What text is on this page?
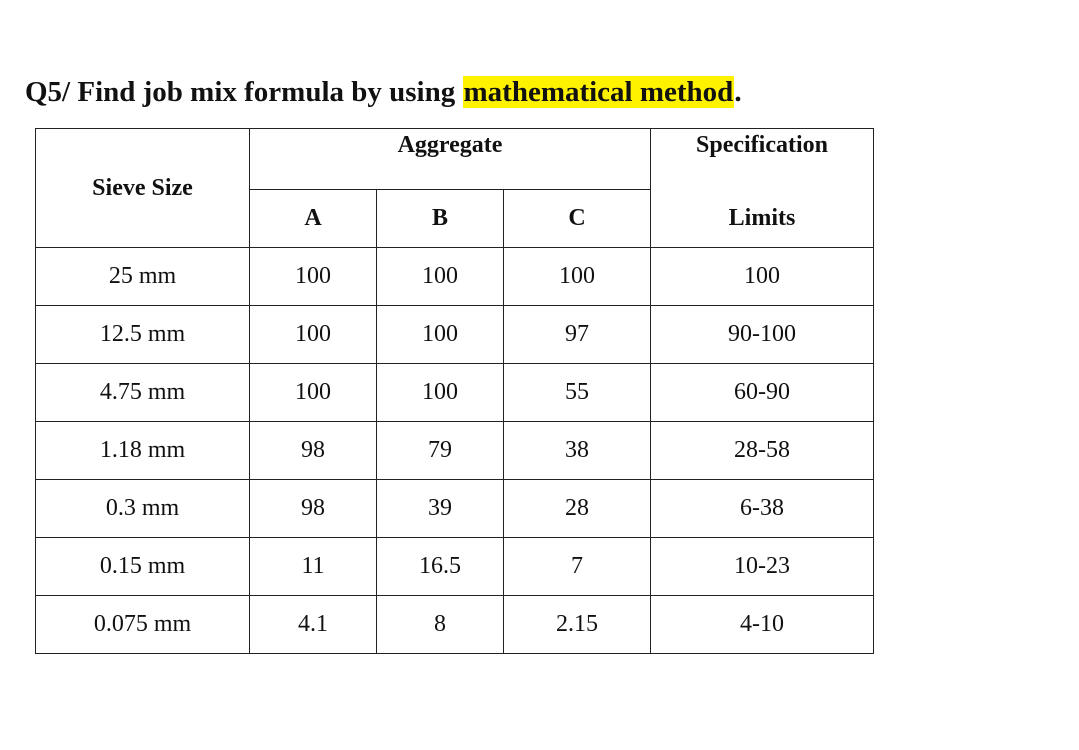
Q5/ Find job mix formula by using mathematical method.
Sieve Size	Aggregate			Specification
	A	B	C	Limits
25 mm	100	100	100	100
12.5 mm	100	100	97	90-100
4.75 mm	100	100	55	60-90
1.18 mm	98	79	38	28-58
0.3 mm	98	39	28	6-38
0.15 mm	11	16.5	7	10-23
0.075 mm	4.1	8	2.15	4-10
